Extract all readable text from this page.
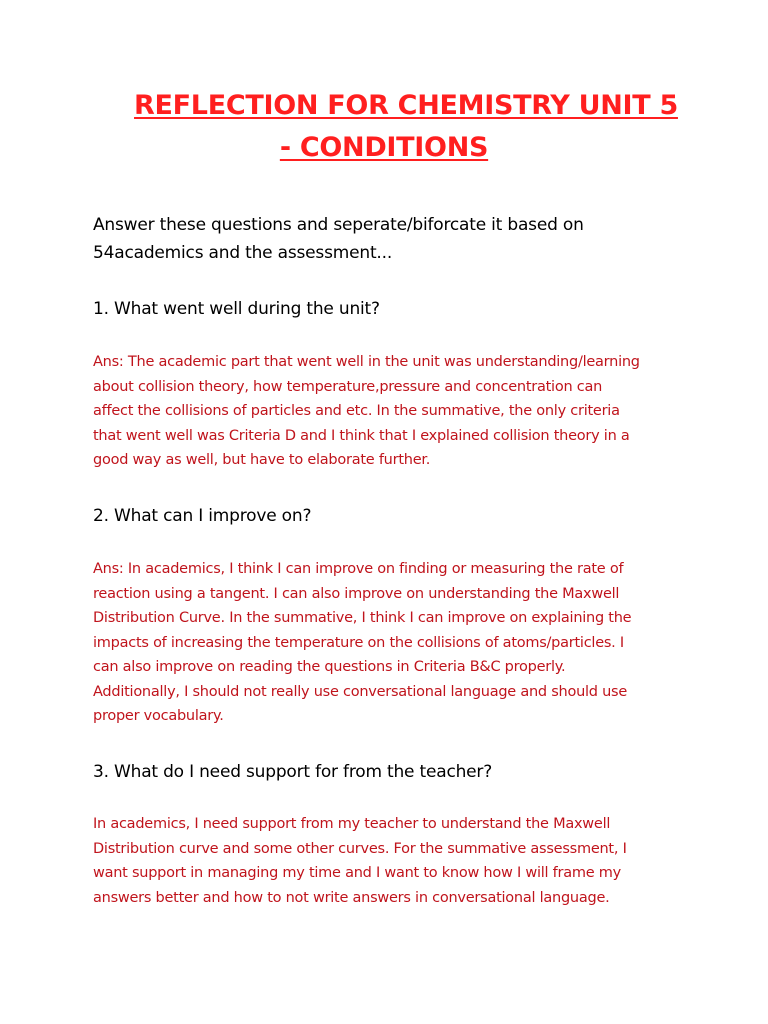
REFLECTION FOR CHEMISTRY UNIT 5
- CONDITIONS
Answer these questions and seperate/biforcate it based on
54academics and the assessment...
1. What went well during the unit?
Ans: The academic part that went well in the unit was understanding/learning
about collision theory, how temperature,pressure and concentration can
affect the collisions of particles and etc. In the summative, the only criteria
that went well was Criteria D and I think that I explained collision theory in a
good way as well, but have to elaborate further.
2. What can I improve on?
Ans: In academics, I think I can improve on finding or measuring the rate of
reaction using a tangent. I can also improve on understanding the Maxwell
Distribution Curve. In the summative, I think I can improve on explaining the
impacts of increasing the temperature on the collisions of atoms/particles. I
can also improve on reading the questions in Criteria B&C properly.
Additionally, I should not really use conversational language and should use
proper vocabulary.
3. What do I need support for from the teacher?
In academics, I need support from my teacher to understand the Maxwell
Distribution curve and some other curves. For the summative assessment, I
want support in managing my time and I want to know how I will frame my
answers better and how to not write answers in conversational language.
